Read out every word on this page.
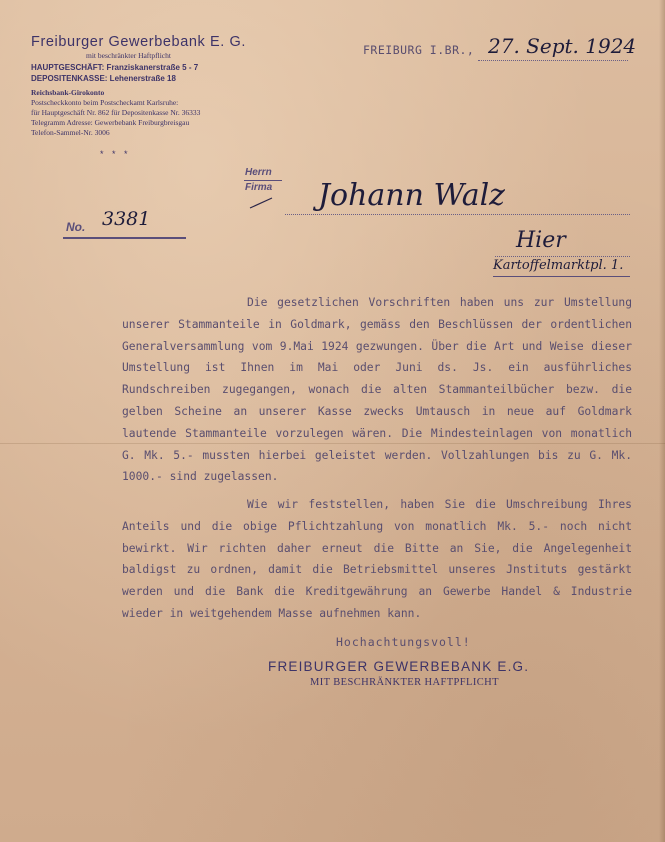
Freiburger Gewerbebank E. G.
mit beschränkter Haftpflicht
HAUPTGESCHÄFT: Franziskanerstraße 5 - 7
DEPOSITENKASSE: Lehenerstraße 18
Reichsbank-Girokonto
Postscheckkonto beim Postscheckamt Karlsruhe:
für Hauptgeschäft Nr. 862 für Depositenkasse Nr. 36333
Telegramm Adresse: Gewerbebank Freiburgbreisgau
Telefon-Sammel-Nr. 3006
* * *
FREIBURG I.BR., 27. Sept. 1924
No. 3381
Herrn
Firma Johann Walz
Hier
Kartoffelmarktpl. 1.
Die gesetzlichen Vorschriften haben uns zur Umstellung unserer Stammanteile in Goldmark, gemäss den Beschlüssen der ordentlichen Generalversammlung vom 9.Mai 1924 gezwungen. Über die Art und Weise dieser Umstellung ist Ihnen im Mai oder Juni ds. Js. ein ausführliches Rundschreiben zugegangen, wonach die alten Stammanteilbücher bezw. die gelben Scheine an unserer Kasse zwecks Umtausch in neue auf Goldmark lautende Stammanteile vorzulegen wären. Die Mindesteinlagen von monatlich G. Mk. 5.- mussten hierbei geleistet werden. Vollzahlungen bis zu G. Mk. 1000.- sind zugelassen.
Wie wir feststellen, haben Sie die Umschreibung Ihres Anteils und die obige Pflichtzahlung von monatlich Mk. 5.- noch nicht bewirkt. Wir richten daher erneut die Bitte an Sie, die Angelegenheit baldigst zu ordnen, damit die Betriebsmittel unseres Jnstituts gestärkt werden und die Bank die Kreditgewährung an Gewerbe Handel & Industrie wieder in weitgehendem Masse aufnehmen kann.
Hochachtungsvoll!
FREIBURGER GEWERBEBANK E.G.
MIT BESCHRÄNKTER HAFTPFLICHT
